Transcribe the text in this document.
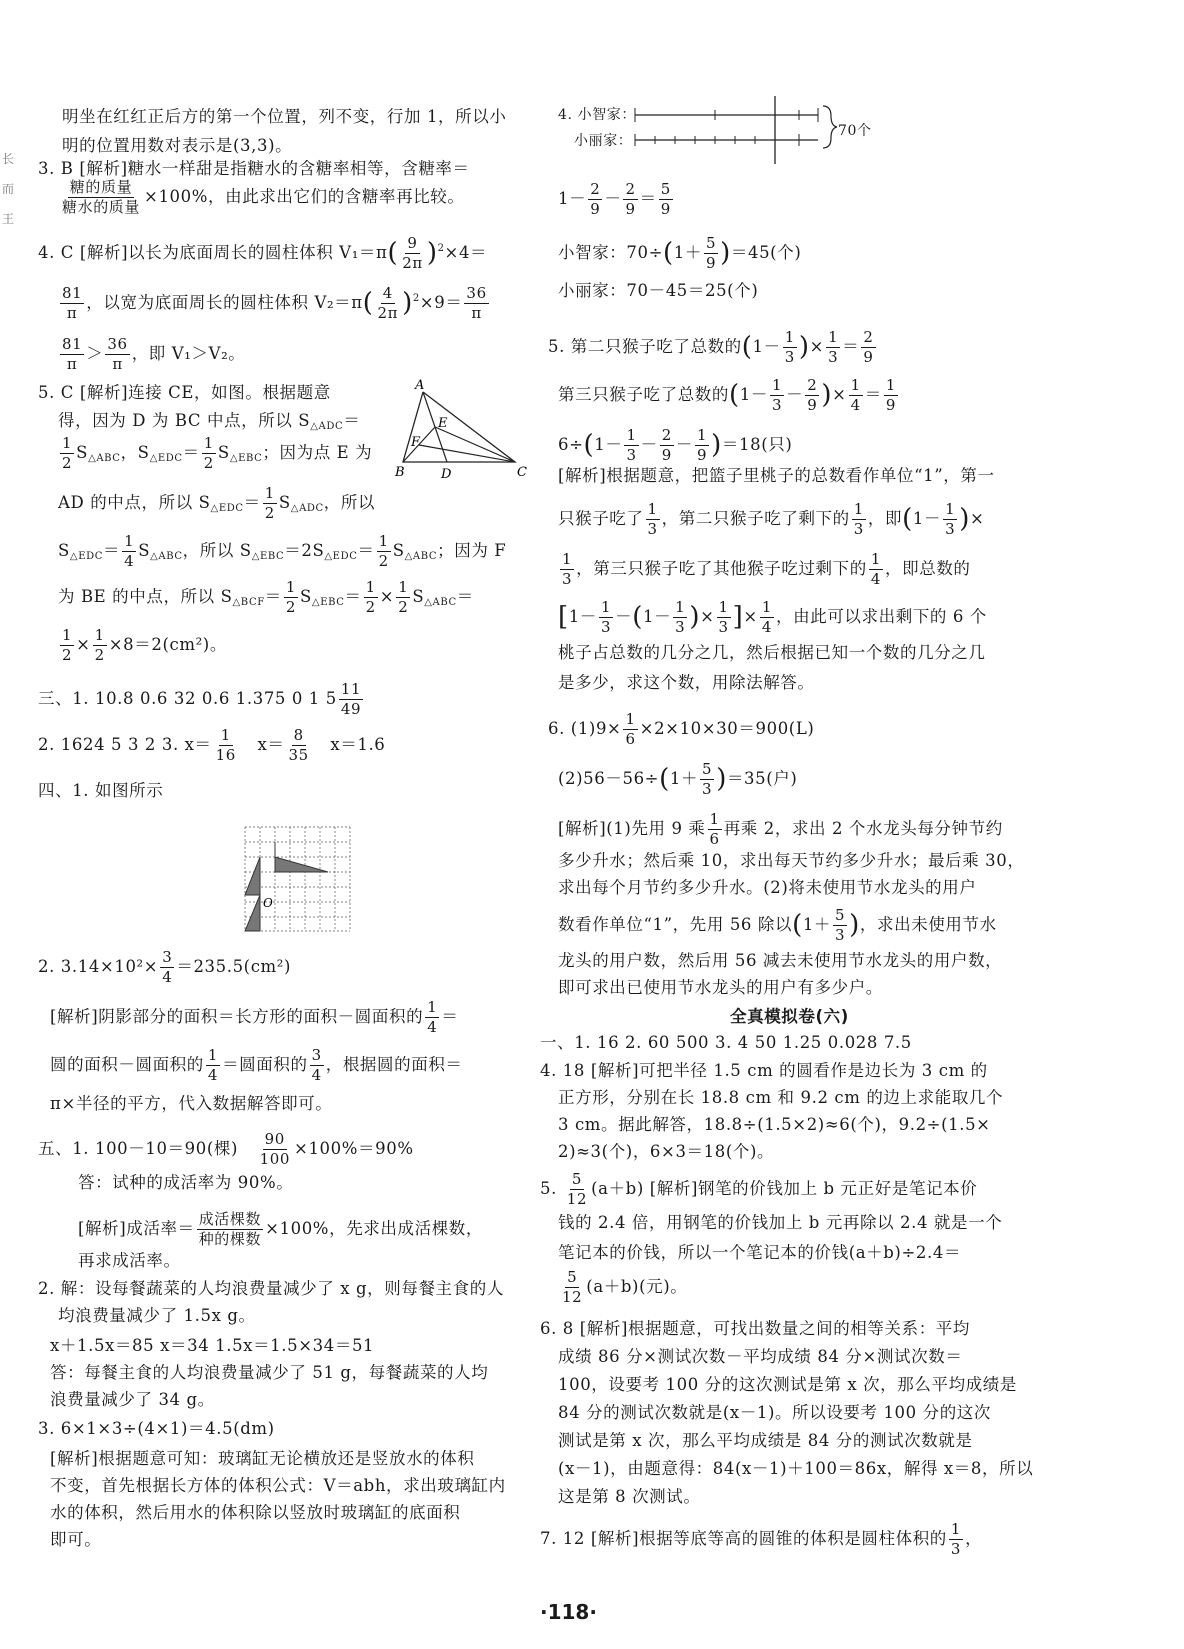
长
而
王
明坐在红红正后方的第一个位置，列不变，行加 1，所以小
明的位置用数对表示是(3,3)。
3. B [解析]糖水一样甜是指糖水的含糖率相等，含糖率＝
$\frac{\text{糖的质量}}{\text{糖水的质量}} \times 100\%$，由此求出它们的含糖率再比较。
4. C [解析]以长为底面周长的圆柱体积 $V_1=\pi( \frac{9}{2\pi} )^2\times 4=$
$\frac{81}{\pi}$ ，以宽为底面周长的圆柱体积 $V_2=\pi( \frac{4}{2\pi} )^2\times 9= \frac{36}{\pi}$
$\frac{81}{\pi} > \frac{36}{\pi}$ ，即 V₁＞V₂。
5. C [解析]连接 CE，如图。根据题意
得，因为 D 为 BC 中点，所以 $S_{\triangle ADC}=$
$\frac{1}{2} S_{\triangle ABC}$，$S_{\triangle EDC}= \frac{1}{2} S_{\triangle EBC}$；因为点 E 为
AD 的中点，所以 $S_{\triangle EDC}= \frac{1}{2} S_{\triangle ADC}$，所以
$S_{\triangle EDC}= \frac{1}{4} S_{\triangle ABC}$，所以 $S_{\triangle EBC}=2S_{\triangle EDC}= \frac{1}{2} S_{\triangle ABC}$；因为 F
为 BE 的中点，所以 $S_{\triangle BCF}= \frac{1}{2} S_{\triangle EBC}= \frac{1}{2} \times \frac{1}{2} S_{\triangle ABC}=$
$\frac{1}{2} \times \frac{1}{2} \times 8=2(cm^2)$。
A
B	C
D
E
F
三、1. 10.8 0.6 32 0.6 1.375 0 1 $5 \frac{11}{49}$
2. 1624 5 3 2 3. $x= \frac{1}{16} x= \frac{8}{35} x=1.6$
四、1. 如图所示
O
2. $3.14\times 10^2\times \frac{3}{4} =235.5(cm^2)$
[解析]阴影部分的面积＝长方形的面积－圆面积的 $\frac{1}{4}$ ＝
圆的面积－圆面积的 $\frac{1}{4}$ ＝圆面积的 $\frac{3}{4}$ ，根据圆的面积＝
π×半径的平方，代入数据解答即可。
五、1. 100－10＝90(棵) $\frac{90}{100} \times 100\%=90\%$
答：试种的成活率为 90%。
[解析]成活率＝ $\frac{\text{成活棵数}}{\text{种的棵数}} \times 100\%$，先求出成活棵数，
再求成活率。
2. 解：设每餐蔬菜的人均浪费量减少了 x g，则每餐主食的人
均浪费量减少了 1.5x g。
x＋1.5x＝85 x＝34 1.5x＝1.5×34＝51
答：每餐主食的人均浪费量减少了 51 g，每餐蔬菜的人均
浪费量减少了 34 g。
3. 6×1×3÷(4×1)＝4.5(dm)
[解析]根据题意可知：玻璃缸无论横放还是竖放水的体积
不变，首先根据长方体的体积公式：V＝abh，求出玻璃缸内
水的体积，然后用水的体积除以竖放时玻璃缸的底面积
即可。
4. 小智家：
小丽家：
70个
$1- \frac{2}{9} - \frac{2}{9} = \frac{5}{9}$
小智家：$70\div(1+ \frac{5}{9} )=45$(个)
小丽家：70－45＝25(个)
5. 第二只猴子吃了总数的($1- \frac{1}{3}$ )× $\frac{1}{3} = \frac{2}{9}$
第三只猴子吃了总数的($1- \frac{1}{3} - \frac{2}{9}$ )× $\frac{1}{4} = \frac{1}{9}$
$6\div(1- \frac{1}{3} - \frac{2}{9} - \frac{1}{9} )=18$(只)
[解析]根据题意，把篮子里桃子的总数看作单位“1”，第一
只猴子吃了 $\frac{1}{3}$ ，第二只猴子吃了剩下的 $\frac{1}{3}$ ，即($1- \frac{1}{3}$ )×
$\frac{1}{3}$ ，第三只猴子吃了其他猴子吃过剩下的 $\frac{1}{4}$ ，即总数的
[$1- \frac{1}{3} -(1- \frac{1}{3}$ )× $\frac{1}{3}$ ]× $\frac{1}{4}$ ，由此可以求出剩下的 6 个
桃子占总数的几分之几，然后根据已知一个数的几分之几
是多少，求这个数，用除法解答。
6. $(1)9\times \frac{1}{6} \times 2\times 10\times 30=900(L)$
$(2)56-56\div(1+ \frac{5}{3} )=35$(户)
[解析](1)先用 9 乘 $\frac{1}{6}$ 再乘 2，求出 2 个水龙头每分钟节约
多少升水；然后乘 10，求出每天节约多少升水；最后乘 30，
求出每个月节约多少升水。(2)将未使用节水龙头的用户
数看作单位“1”，先用 56 除以($1+ \frac{5}{3}$ )，求出未使用节水
龙头的用户数，然后用 56 减去未使用节水龙头的用户数，
即可求出已使用节水龙头的用户有多少户。
全真模拟卷(六)
一、1. 16 2. 60 500 3. 4 50 1.25 0.028 7.5
4. 18 [解析]可把半径 1.5 cm 的圆看作是边长为 3 cm 的
正方形，分别在长 18.8 cm 和 9.2 cm 的边上求能取几个
3 cm。据此解答，18.8÷(1.5×2)≈6(个)，9.2÷(1.5×
2)≈3(个)，6×3＝18(个)。
5. $\frac{5}{12} (a+b)$ [解析]钢笔的价钱加上 b 元正好是笔记本价
钱的 2.4 倍，用钢笔的价钱加上 b 元再除以 2.4 就是一个
笔记本的价钱，所以一个笔记本的价钱(a＋b)÷2.4＝
$\frac{5}{12} (a+b)$(元)。
6. 8 [解析]根据题意，可找出数量之间的相等关系：平均
成绩 86 分×测试次数－平均成绩 84 分×测试次数＝
100，设要考 100 分的这次测试是第 x 次，那么平均成绩是
84 分的测试次数就是(x－1)。所以设要考 100 分的这次
测试是第 x 次，那么平均成绩是 84 分的测试次数就是
(x－1)，由题意得：84(x－1)＋100＝86x，解得 x＝8，所以
这是第 8 次测试。
7. 12 [解析]根据等底等高的圆锥的体积是圆柱体积的 $\frac{1}{3}$ ，
·118·
